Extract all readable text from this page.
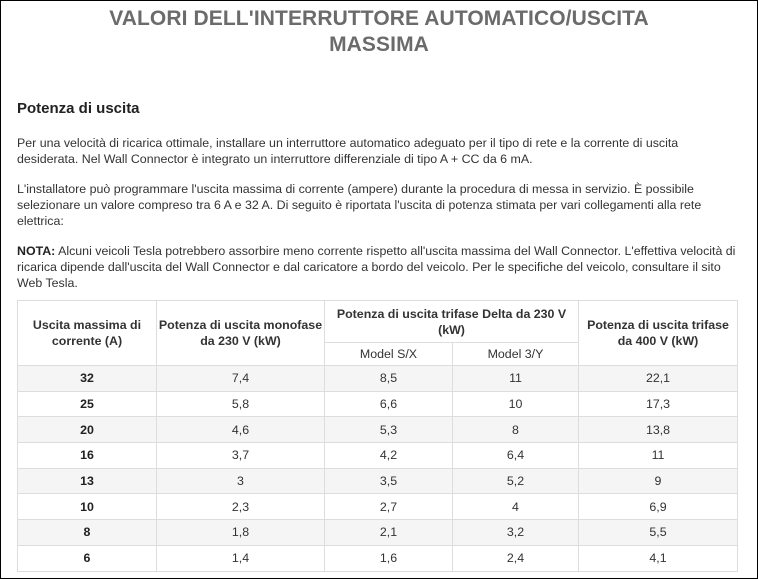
VALORI DELL'INTERRUTTORE AUTOMATICO/USCITA
MASSIMA
Potenza di uscita
Per una velocità di ricarica ottimale, installare un interruttore automatico adeguato per il tipo di rete e la corrente di uscita desiderata. Nel Wall Connector è integrato un interruttore differenziale di tipo A + CC da 6 mA.
L'installatore può programmare l'uscita massima di corrente (ampere) durante la procedura di messa in servizio. È possibile selezionare un valore compreso tra 6 A e 32 A. Di seguito è riportata l'uscita di potenza stimata per vari collegamenti alla rete elettrica:
NOTA: Alcuni veicoli Tesla potrebbero assorbire meno corrente rispetto all'uscita massima del Wall Connector. L'effettiva velocità di ricarica dipende dall'uscita del Wall Connector e dal caricatore a bordo del veicolo. Per le specifiche del veicolo, consultare il sito Web Tesla.
Uscita massima di corrente (A)	Potenza di uscita monofase da 230 V (kW)	Potenza di uscita trifase Delta da 230 V (kW)		Potenza di uscita trifase da 400 V (kW)
		Model S/X	Model 3/Y	
32	7,4	8,5	11	22,1
25	5,8	6,6	10	17,3
20	4,6	5,3	8	13,8
16	3,7	4,2	6,4	11
13	3	3,5	5,2	9
10	2,3	2,7	4	6,9
8	1,8	2,1	3,2	5,5
6	1,4	1,6	2,4	4,1
